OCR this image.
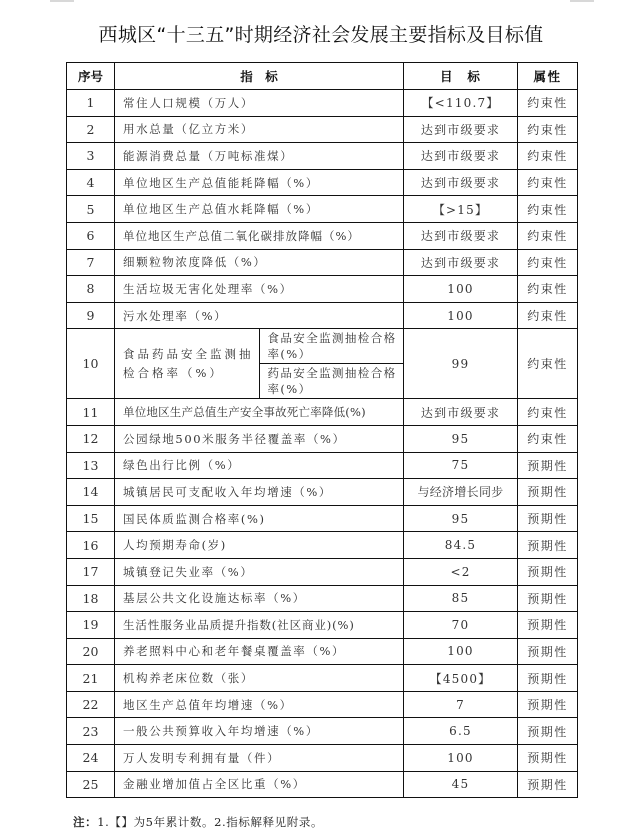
西城区“十三五”时期经济社会发展主要指标及目标值
序号	指　标		目　标	属性
1	常住人口规模（万人）		【<110.7】	约束性
2	用水总量（亿立方米）		达到市级要求	约束性
3	能源消费总量（万吨标准煤）		达到市级要求	约束性
4	单位地区生产总值能耗降幅（%）		达到市级要求	约束性
5	单位地区生产总值水耗降幅（%）		【>15】	约束性
6	单位地区生产总值二氧化碳排放降幅（%）		达到市级要求	约束性
7	细颗粒物浓度降低（%）		达到市级要求	约束性
8	生活垃圾无害化处理率（%）		100	约束性
9	污水处理率（%）		100	约束性
10	食品药品安全监测抽检合格率（%）	食品安全监测抽检合格率(%）	99	约束性
		药品安全监测抽检合格率(%）		
11	单位地区生产总值生产安全事故死亡率降低(%)		达到市级要求	约束性
12	公园绿地500米服务半径覆盖率（%）		95	约束性
13	绿色出行比例（%）		75	预期性
14	城镇居民可支配收入年均增速（%）		与经济增长同步	预期性
15	国民体质监测合格率(%)		95	预期性
16	人均预期寿命(岁)		84.5	预期性
17	城镇登记失业率（%）		<2	预期性
18	基层公共文化设施达标率（%）		85	预期性
19	生活性服务业品质提升指数(社区商业)(%)		70	预期性
20	养老照料中心和老年餐桌覆盖率（%）		100	预期性
21	机构养老床位数（张）		【4500】	预期性
22	地区生产总值年均增速（%）		7	预期性
23	一般公共预算收入年均增速（%）		6.5	预期性
24	万人发明专利拥有量（件）		100	预期性
25	金融业增加值占全区比重（%）		45	预期性
注：1.【】为5年累计数。2.指标解释见附录。
